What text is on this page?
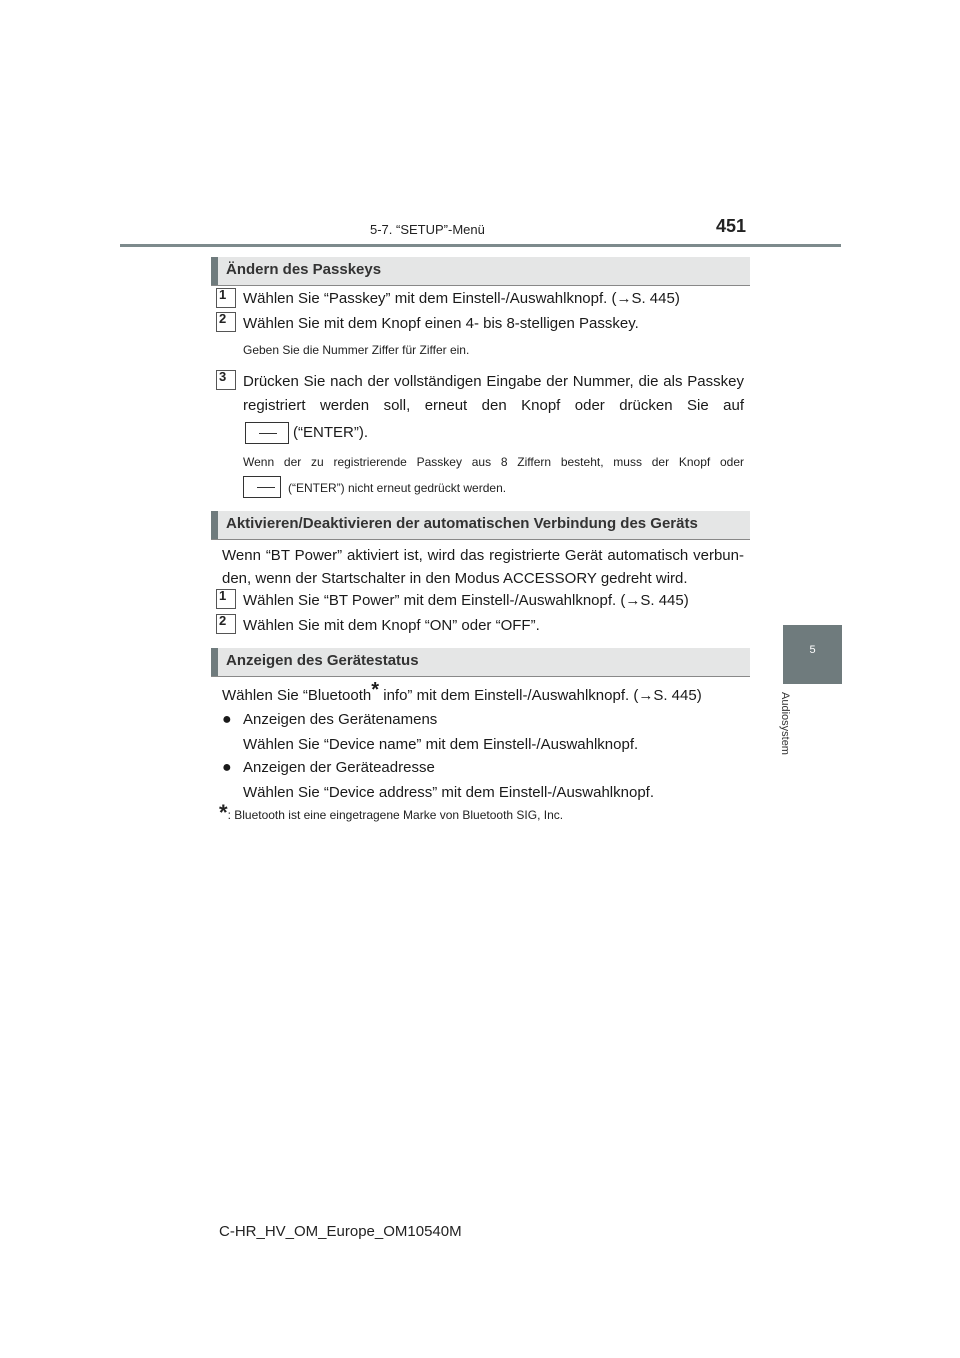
5-7. “SETUP”-Menü	451
5
Audiosystem
Ändern des Passkeys
1	Wählen Sie “Passkey” mit dem Einstell-/Auswahlknopf. (→S. 445)
2	Wählen Sie mit dem Knopf einen 4- bis 8-stelligen Passkey.
Geben Sie die Nummer Ziffer für Ziffer ein.
3	Drücken Sie nach der vollständigen Eingabe der Nummer, die als Passkey
registriert werden soll, erneut den Knopf oder drücken Sie auf
(“ENTER”).
Wenn der zu registrierende Passkey aus 8 Ziffern besteht, muss der Knopf oder
(“ENTER”) nicht erneut gedrückt werden.
Aktivieren/Deaktivieren der automatischen Verbindung des Geräts
Wenn “BT Power” aktiviert ist, wird das registrierte Gerät automatisch verbun-
den, wenn der Startschalter in den Modus ACCESSORY gedreht wird.
1	Wählen Sie “BT Power” mit dem Einstell-/Auswahlknopf. (→S. 445)
2	Wählen Sie mit dem Knopf “ON” oder “OFF”.
Anzeigen des Gerätestatus
Wählen Sie “Bluetooth* info” mit dem Einstell-/Auswahlknopf. (→S. 445)
● Anzeigen des Gerätenamens
Wählen Sie “Device name” mit dem Einstell-/Auswahlknopf.
● Anzeigen der Geräteadresse
Wählen Sie “Device address” mit dem Einstell-/Auswahlknopf.
*: Bluetooth ist eine eingetragene Marke von Bluetooth SIG, Inc.
C-HR_HV_OM_Europe_OM10540M
